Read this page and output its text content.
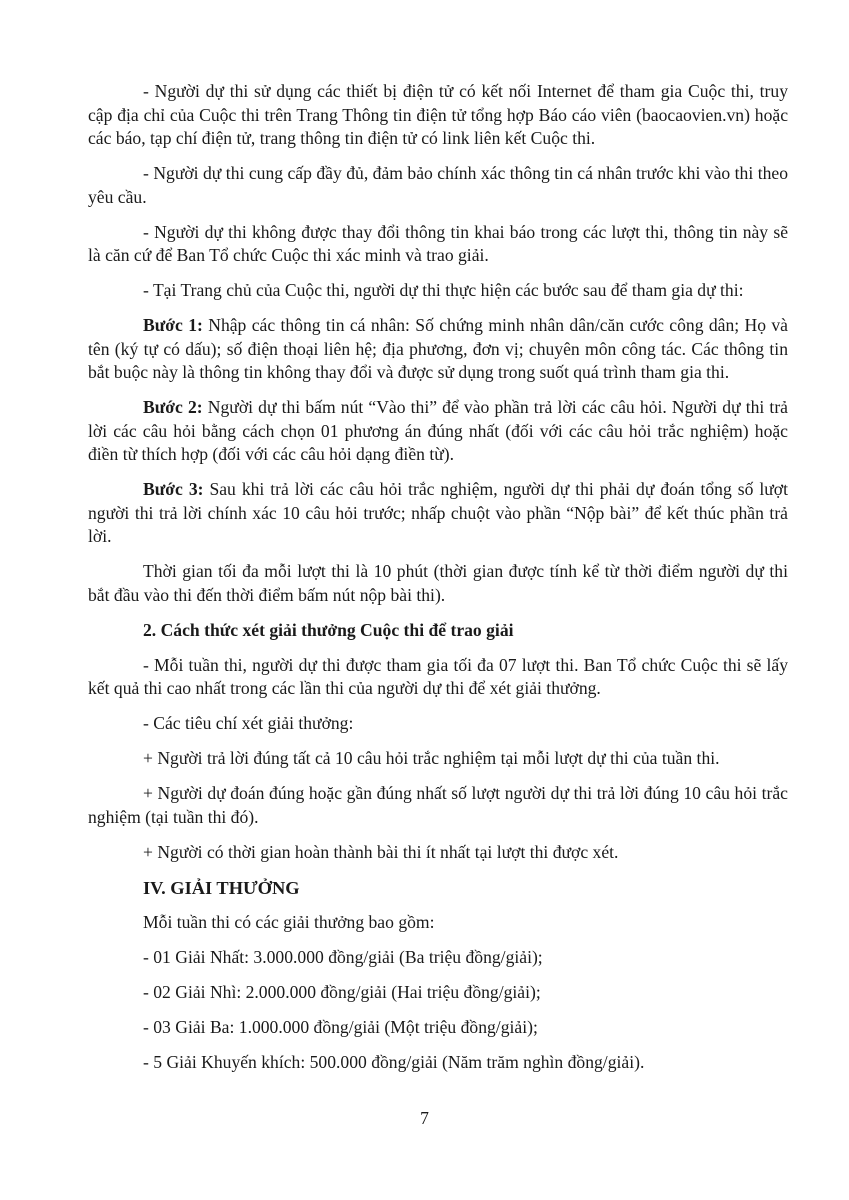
- Người dự thi sử dụng các thiết bị điện tử có kết nối Internet để tham gia Cuộc thi, truy cập địa chỉ của Cuộc thi trên Trang Thông tin điện tử tổng hợp Báo cáo viên (baocaovien.vn) hoặc các báo, tạp chí điện tử, trang thông tin điện tử có link liên kết Cuộc thi.

- Người dự thi cung cấp đầy đủ, đảm bảo chính xác thông tin cá nhân trước khi vào thi theo yêu cầu.

- Người dự thi không được thay đổi thông tin khai báo trong các lượt thi, thông tin này sẽ là căn cứ để Ban Tổ chức Cuộc thi xác minh và trao giải.

- Tại Trang chủ của Cuộc thi, người dự thi thực hiện các bước sau để tham gia dự thi:

Bước 1: Nhập các thông tin cá nhân: Số chứng minh nhân dân/căn cước công dân; Họ và tên (ký tự có dấu); số điện thoại liên hệ; địa phương, đơn vị; chuyên môn công tác. Các thông tin bắt buộc này là thông tin không thay đổi và được sử dụng trong suốt quá trình tham gia thi.

Bước 2: Người dự thi bấm nút “Vào thi” để vào phần trả lời các câu hỏi. Người dự thi trả lời các câu hỏi bằng cách chọn 01 phương án đúng nhất (đối với các câu hỏi trắc nghiệm) hoặc điền từ thích hợp (đối với các câu hỏi dạng điền từ).

Bước 3: Sau khi trả lời các câu hỏi trắc nghiệm, người dự thi phải dự đoán tổng số lượt người thi trả lời chính xác 10 câu hỏi trước; nhấp chuột vào phần “Nộp bài” để kết thúc phần trả lời.

Thời gian tối đa mỗi lượt thi là 10 phút (thời gian được tính kể từ thời điểm người dự thi bắt đầu vào thi đến thời điểm bấm nút nộp bài thi).

2. Cách thức xét giải thưởng Cuộc thi để trao giải

- Mỗi tuần thi, người dự thi được tham gia tối đa 07 lượt thi. Ban Tổ chức Cuộc thi sẽ lấy kết quả thi cao nhất trong các lần thi của người dự thi để xét giải thưởng.

- Các tiêu chí xét giải thưởng:

+ Người trả lời đúng tất cả 10 câu hỏi trắc nghiệm tại mỗi lượt dự thi của tuần thi.

+ Người dự đoán đúng hoặc gần đúng nhất số lượt người dự thi trả lời đúng 10 câu hỏi trắc nghiệm (tại tuần thi đó).

+ Người có thời gian hoàn thành bài thi ít nhất tại lượt thi được xét.

IV. GIẢI THƯỞNG

Mỗi tuần thi có các giải thưởng bao gồm:

- 01 Giải Nhất: 3.000.000 đồng/giải (Ba triệu đồng/giải);

- 02 Giải Nhì: 2.000.000 đồng/giải (Hai triệu đồng/giải);

- 03 Giải Ba: 1.000.000 đồng/giải (Một triệu đồng/giải);

- 5 Giải Khuyến khích: 500.000 đồng/giải (Năm trăm nghìn đồng/giải).

7
